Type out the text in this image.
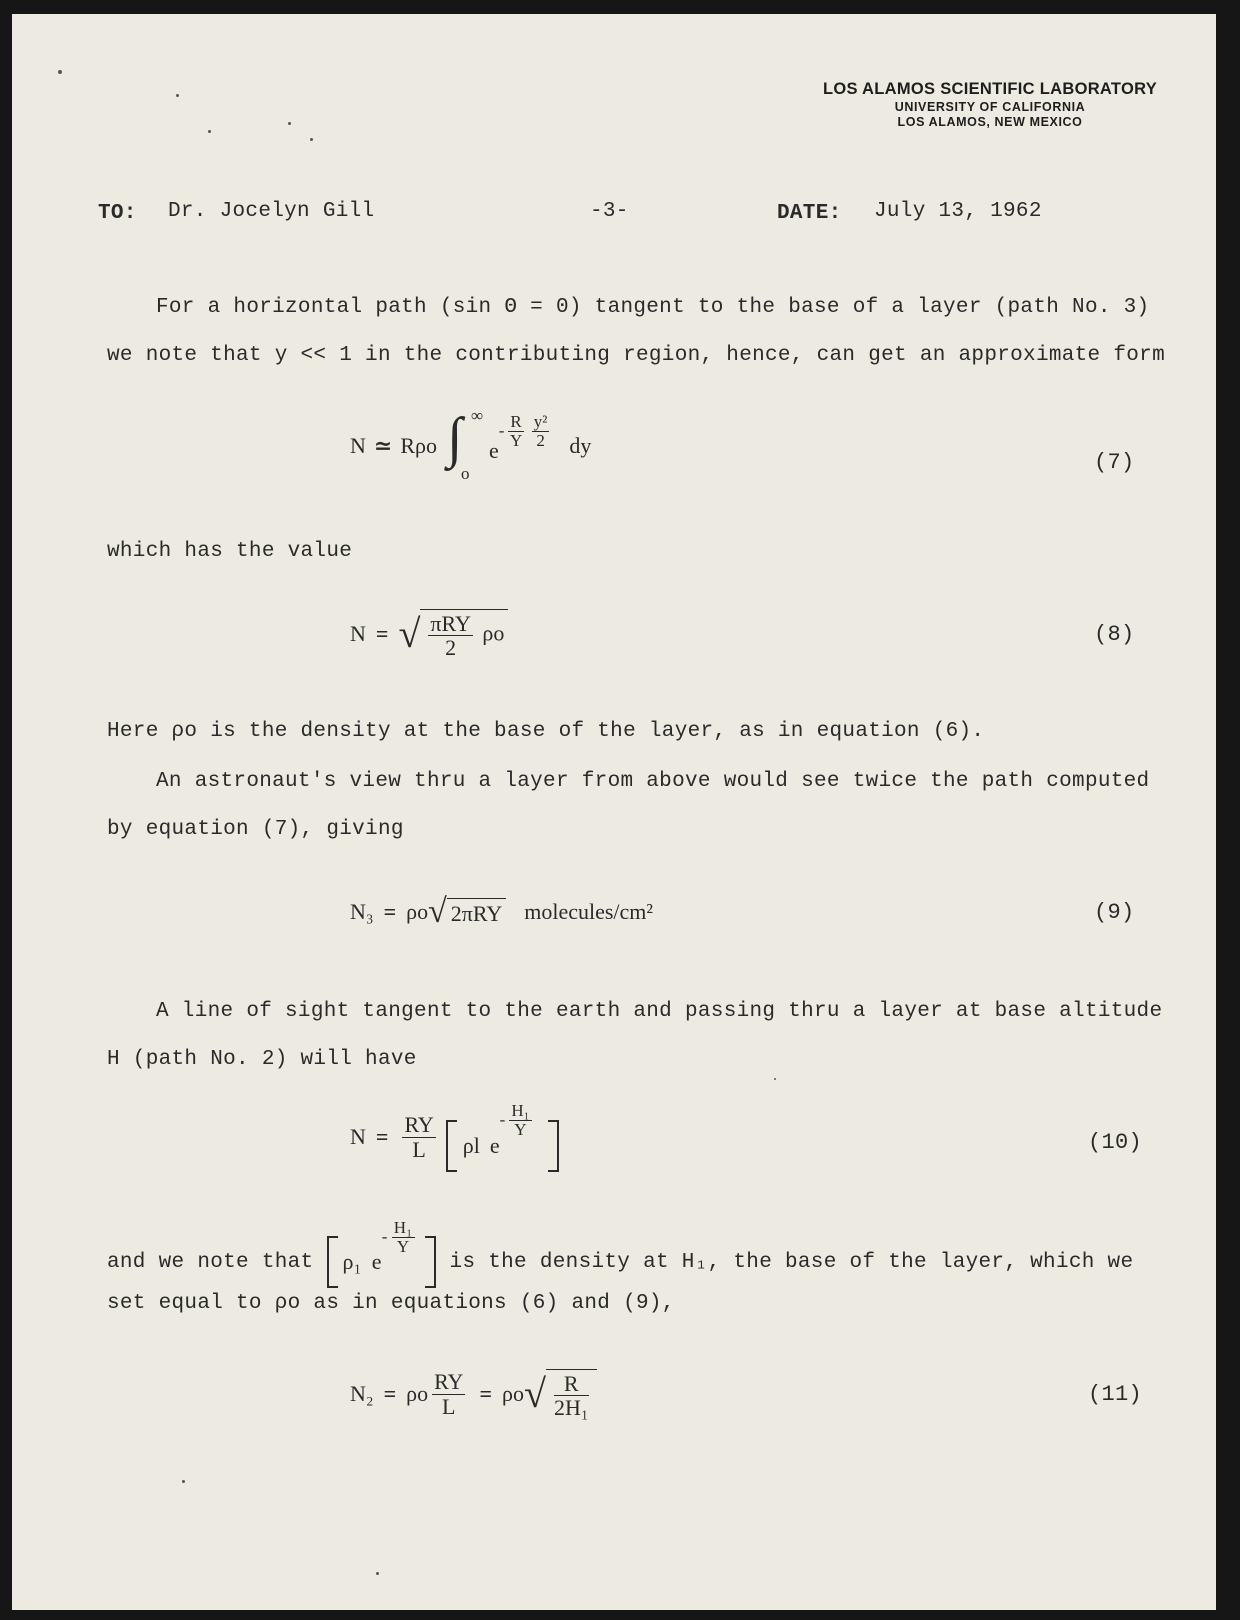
LOS ALAMOS SCIENTIFIC LABORATORY
UNIVERSITY OF CALIFORNIA
LOS ALAMOS, NEW MEXICO
TO: Dr. Jocelyn Gill	-3-	DATE: July 13, 1962
For a horizontal path (sin Θ = 0) tangent to the base of a layer (path No. 3)
we note that y << 1 in the contributing region, hence, can get an approximate form
N ≃ Rρo ∫ ∞
o
e
- $\frac{R}{Y} \frac{\text{y²}}{2}$ dy
(7)
which has the value
N = √ πRY
2
ρo	(8)
Here ρo is the density at the base of the layer, as in equation (6).
An astronaut's view thru a layer from above would see twice the path computed
by equation (7), giving
N₃ = ρo √ 2πRY molecules/cm²	(9)
A line of sight tangent to the earth and passing thru a layer at base altitude
H (path No. 2) will have
$N = \frac{RY}{L}$ ρl e
- $\frac{\text{H₁}}{Y}$
(10)
and we note that ρ₁ e
- $\frac{\text{H₁}}{Y}$
is the density at H₁, the base of the layer, which we
set equal to ρo as in equations (6) and (9),
N₂ = ρo $\frac{RY}{L} = \rho o$ √ $\frac{R}{\text{2H₁}}$	(11)
